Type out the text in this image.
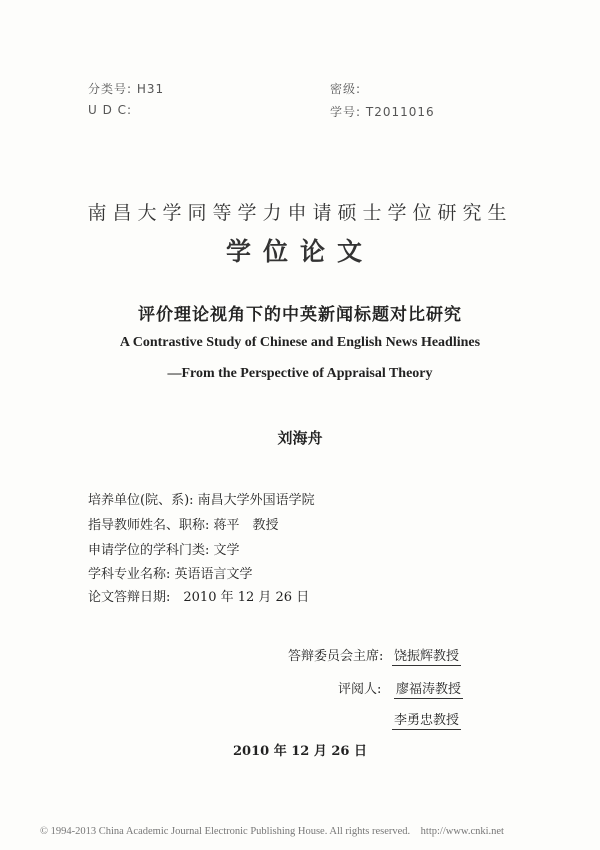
分类号: H31	密级:
U D C:	学号: T2011016
南昌大学同等学力申请硕士学位研究生
学位论文
评价理论视角下的中英新闻标题对比研究
A Contrastive Study of Chinese and English News Headlines
—From the Perspective of Appraisal Theory
刘海舟
培养单位(院、系): 南昌大学外国语学院
指导教师姓名、职称: 蒋平　教授
申请学位的学科门类: 文学
学科专业名称: 英语语言文学
论文答辩日期:　2010 年 12 月 26 日
答辩委员会主席: 饶振辉教授
评阅人: 廖福涛教授
李勇忠教授
2010 年 12 月 26 日
© 1994-2013 China Academic Journal Electronic Publishing House. All rights reserved.　http://www.cnki.net
